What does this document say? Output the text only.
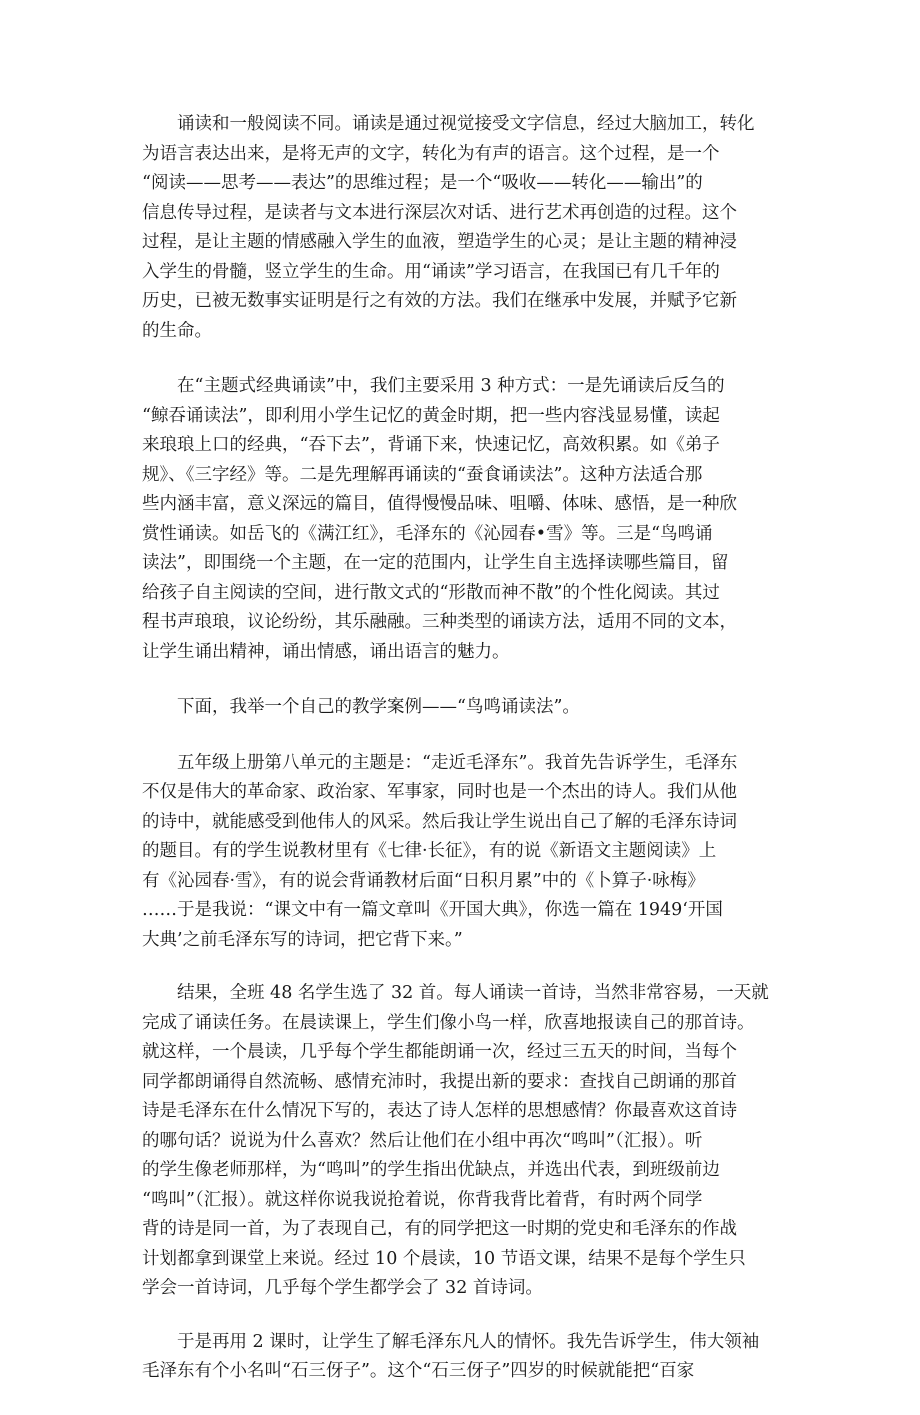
诵读和一般阅读不同。诵读是通过视觉接受文字信息，经过大脑加工，转化
为语言表达出来，是将无声的文字，转化为有声的语言。这个过程，是一个
“阅读——思考——表达”的思维过程；是一个“吸收——转化——输出”的
信息传导过程，是读者与文本进行深层次对话、进行艺术再创造的过程。这个
过程，是让主题的情感融入学生的血液，塑造学生的心灵；是让主题的精神浸
入学生的骨髓，竖立学生的生命。用“诵读”学习语言，在我国已有几千年的
历史，已被无数事实证明是行之有效的方法。我们在继承中发展，并赋予它新
的生命。

在“主题式经典诵读”中，我们主要采用 3 种方式：一是先诵读后反刍的
“鲸吞诵读法”，即利用小学生记忆的黄金时期，把一些内容浅显易懂，读起
来琅琅上口的经典，“吞下去”，背诵下来，快速记忆，高效积累。如《弟子
规》、《三字经》等。二是先理解再诵读的“蚕食诵读法”。这种方法适合那
些内涵丰富，意义深远的篇目，值得慢慢品味、咀嚼、体味、感悟，是一种欣
赏性诵读。如岳飞的《满江红》，毛泽东的《沁园春•雪》等。三是“鸟鸣诵
读法”，即围绕一个主题，在一定的范围内，让学生自主选择读哪些篇目，留
给孩子自主阅读的空间，进行散文式的“形散而神不散”的个性化阅读。其过
程书声琅琅，议论纷纷，其乐融融。三种类型的诵读方法，适用不同的文本，
让学生诵出精神，诵出情感，诵出语言的魅力。

下面，我举一个自己的教学案例——“鸟鸣诵读法”。

五年级上册第八单元的主题是：“走近毛泽东”。我首先告诉学生，毛泽东
不仅是伟大的革命家、政治家、军事家，同时也是一个杰出的诗人。我们从他
的诗中，就能感受到他伟人的风采。然后我让学生说出自己了解的毛泽东诗词
的题目。有的学生说教材里有《七律·长征》，有的说《新语文主题阅读》上
有《沁园春·雪》，有的说会背诵教材后面“日积月累”中的《卜算子·咏梅》
……于是我说：“课文中有一篇文章叫《开国大典》，你选一篇在 1949‘开国
大典’之前毛泽东写的诗词，把它背下来。”

结果，全班 48 名学生选了 32 首。每人诵读一首诗，当然非常容易，一天就
完成了诵读任务。在晨读课上，学生们像小鸟一样，欣喜地报读自己的那首诗。
就这样，一个晨读，几乎每个学生都能朗诵一次，经过三五天的时间，当每个
同学都朗诵得自然流畅、感情充沛时，我提出新的要求：查找自己朗诵的那首
诗是毛泽东在什么情况下写的，表达了诗人怎样的思想感情？你最喜欢这首诗
的哪句话？说说为什么喜欢？然后让他们在小组中再次“鸣叫”（汇报）。听
的学生像老师那样，为“鸣叫”的学生指出优缺点，并选出代表，到班级前边
“鸣叫”（汇报）。就这样你说我说抢着说，你背我背比着背，有时两个同学
背的诗是同一首，为了表现自己，有的同学把这一时期的党史和毛泽东的作战
计划都拿到课堂上来说。经过 10 个晨读，10 节语文课，结果不是每个学生只
学会一首诗词，几乎每个学生都学会了 32 首诗词。

于是再用 2 课时，让学生了解毛泽东凡人的情怀。我先告诉学生，伟大领袖
毛泽东有个小名叫“石三伢子”。这个“石三伢子”四岁的时候就能把“百家
